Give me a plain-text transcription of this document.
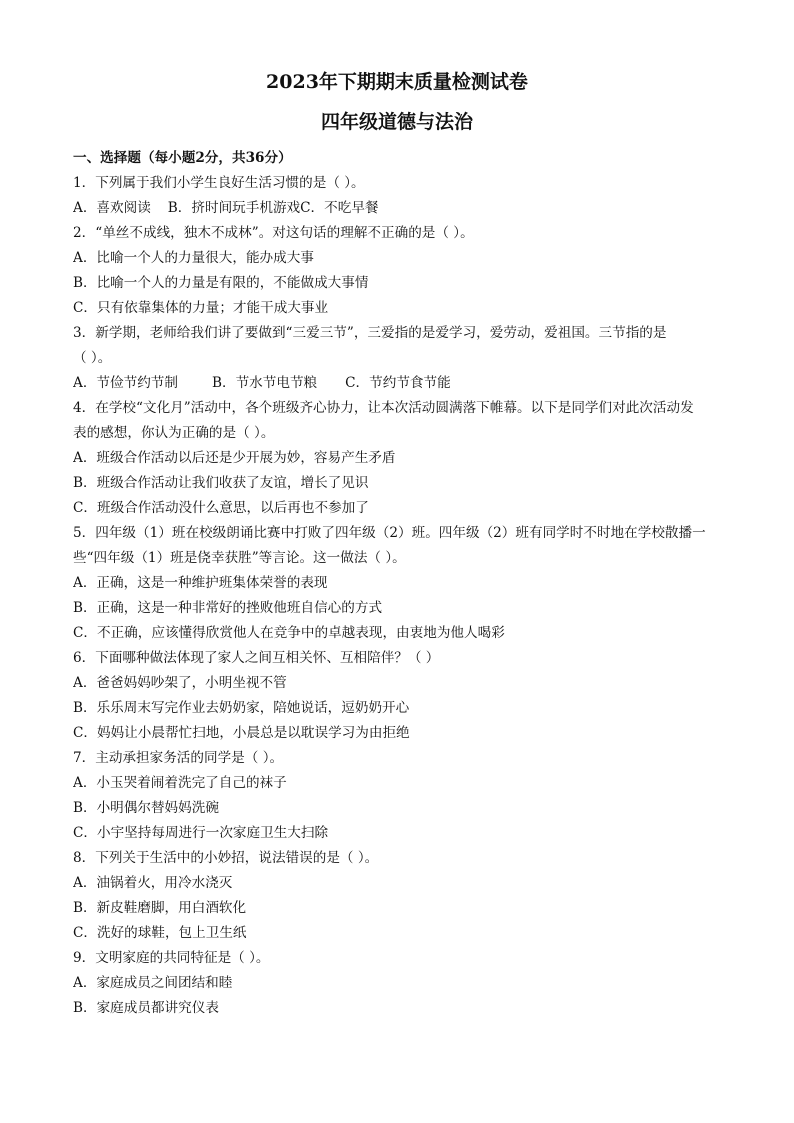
2023年下期期末质量检测试卷
四年级道德与法治
一、选择题（每小题2分，共36分）
1．下列属于我们小学生良好生活习惯的是（ ）。
A．喜欢阅读 B．挤时间玩手机游戏C．不吃早餐
2．“单丝不成线，独木不成林”。对这句话的理解不正确的是（ ）。
A．比喻一个人的力量很大，能办成大事
B．比喻一个人的力量是有限的，不能做成大事情
C．只有依靠集体的力量；才能干成大事业
3．新学期，老师给我们讲了要做到“三爱三节”，三爱指的是爱学习，爱劳动，爱祖国。三节指的是
（ ）。
A．节俭节约节制	B．节水节电节粮 C．节约节食节能
4．在学校“文化月”活动中，各个班级齐心协力，让本次活动圆满落下帷幕。以下是同学们对此次活动发
表的感想，你认为正确的是（ ）。
A．班级合作活动以后还是少开展为妙，容易产生矛盾
B．班级合作活动让我们收获了友谊，增长了见识
C．班级合作活动没什么意思，以后再也不参加了
5．四年级（1）班在校级朗诵比赛中打败了四年级（2）班。四年级（2）班有同学时不时地在学校散播一
些“四年级（1）班是侥幸获胜”等言论。这一做法（ ）。
A．正确，这是一种维护班集体荣誉的表现
B．正确，这是一种非常好的挫败他班自信心的方式
C．不正确，应该懂得欣赏他人在竞争中的卓越表现，由衷地为他人喝彩
6．下面哪种做法体现了家人之间互相关怀、互相陪伴？（ ）
A．爸爸妈妈吵架了，小明坐视不管
B．乐乐周末写完作业去奶奶家，陪她说话，逗奶奶开心
C．妈妈让小晨帮忙扫地，小晨总是以耽误学习为由拒绝
7．主动承担家务活的同学是（ ）。
A．小玉哭着闹着洗完了自己的袜子
B．小明偶尔替妈妈洗碗
C．小宇坚持每周进行一次家庭卫生大扫除
8．下列关于生活中的小妙招，说法错误的是（ ）。
A．油锅着火，用冷水浇灭
B．新皮鞋磨脚，用白酒软化
C．洗好的球鞋，包上卫生纸
9．文明家庭的共同特征是（ ）。
A．家庭成员之间团结和睦
B．家庭成员都讲究仪表
